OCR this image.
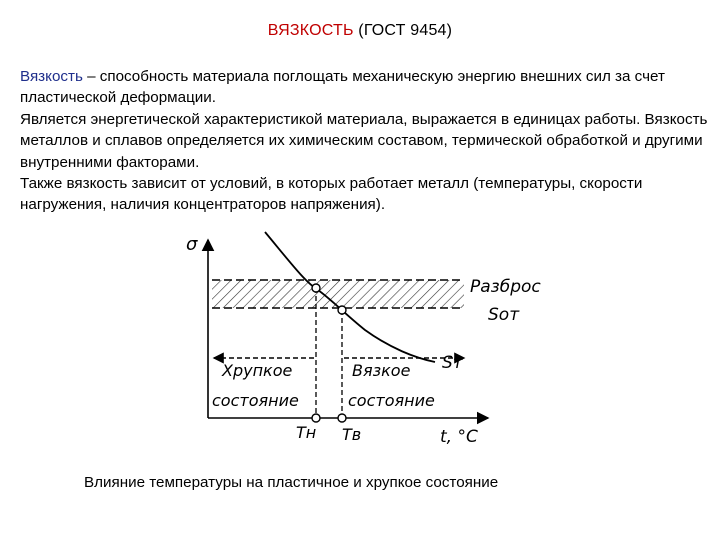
ВЯЗКОСТЬ (ГОСТ 9454)

Вязкость – способность материала поглощать механическую энергию внешних сил за счет пластической деформации.

Является энергетической характеристикой материала, выражается в единицах работы. Вязкость металлов и сплавов определяется их химическим составом, термической обработкой и другими внутренними факторами.

Также вязкость зависит от условий, в которых работает металл (температуры, скорости нагружения, наличия концентраторов напряжения).

σ
t, °C
Разброс
Sот
Sт
Хрупкое
состояние
Вязкое
состояние
Тн Тв
Влияние температуры на пластичное и хрупкое состояние
